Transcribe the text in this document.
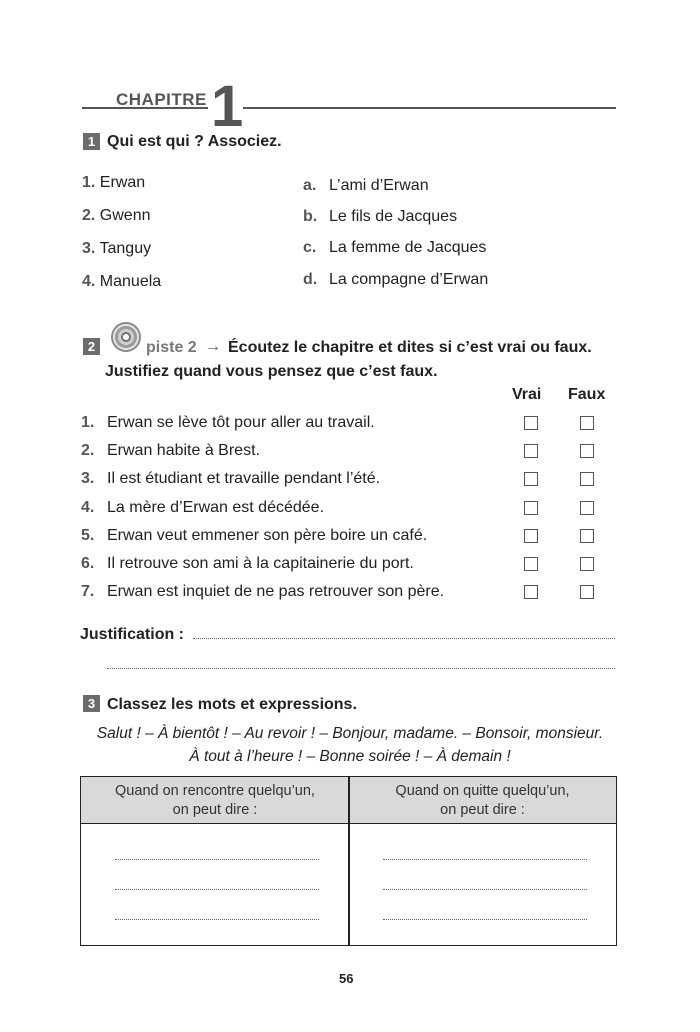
CHAPITRE 1
1 Qui est qui ? Associez.
1. Erwan
2. Gwenn
3. Tanguy
4. Manuela
a. L’ami d’Erwan
b. Le fils de Jacques
c. La femme de Jacques
d. La compagne d’Erwan
2	piste 2 → Écoutez le chapitre et dites si c’est vrai ou faux.
Justifiez quand vous pensez que c’est faux.
Vrai Faux
1. Erwan se lève tôt pour aller au travail.
2. Erwan habite à Brest.
3. Il est étudiant et travaille pendant l’été.
4. La mère d’Erwan est décédée.
5. Erwan veut emmener son père boire un café.
6. Il retrouve son ami à la capitainerie du port.
7. Erwan est inquiet de ne pas retrouver son père.
Justification :
3 Classez les mots et expressions.
Salut ! – À bientôt ! – Au revoir ! – Bonjour, madame. – Bonsoir, monsieur.
À tout à l’heure ! – Bonne soirée ! – À demain !
Quand on rencontre quelqu’un,
on peut dire :
Quand on quitte quelqu’un,
on peut dire :
56
